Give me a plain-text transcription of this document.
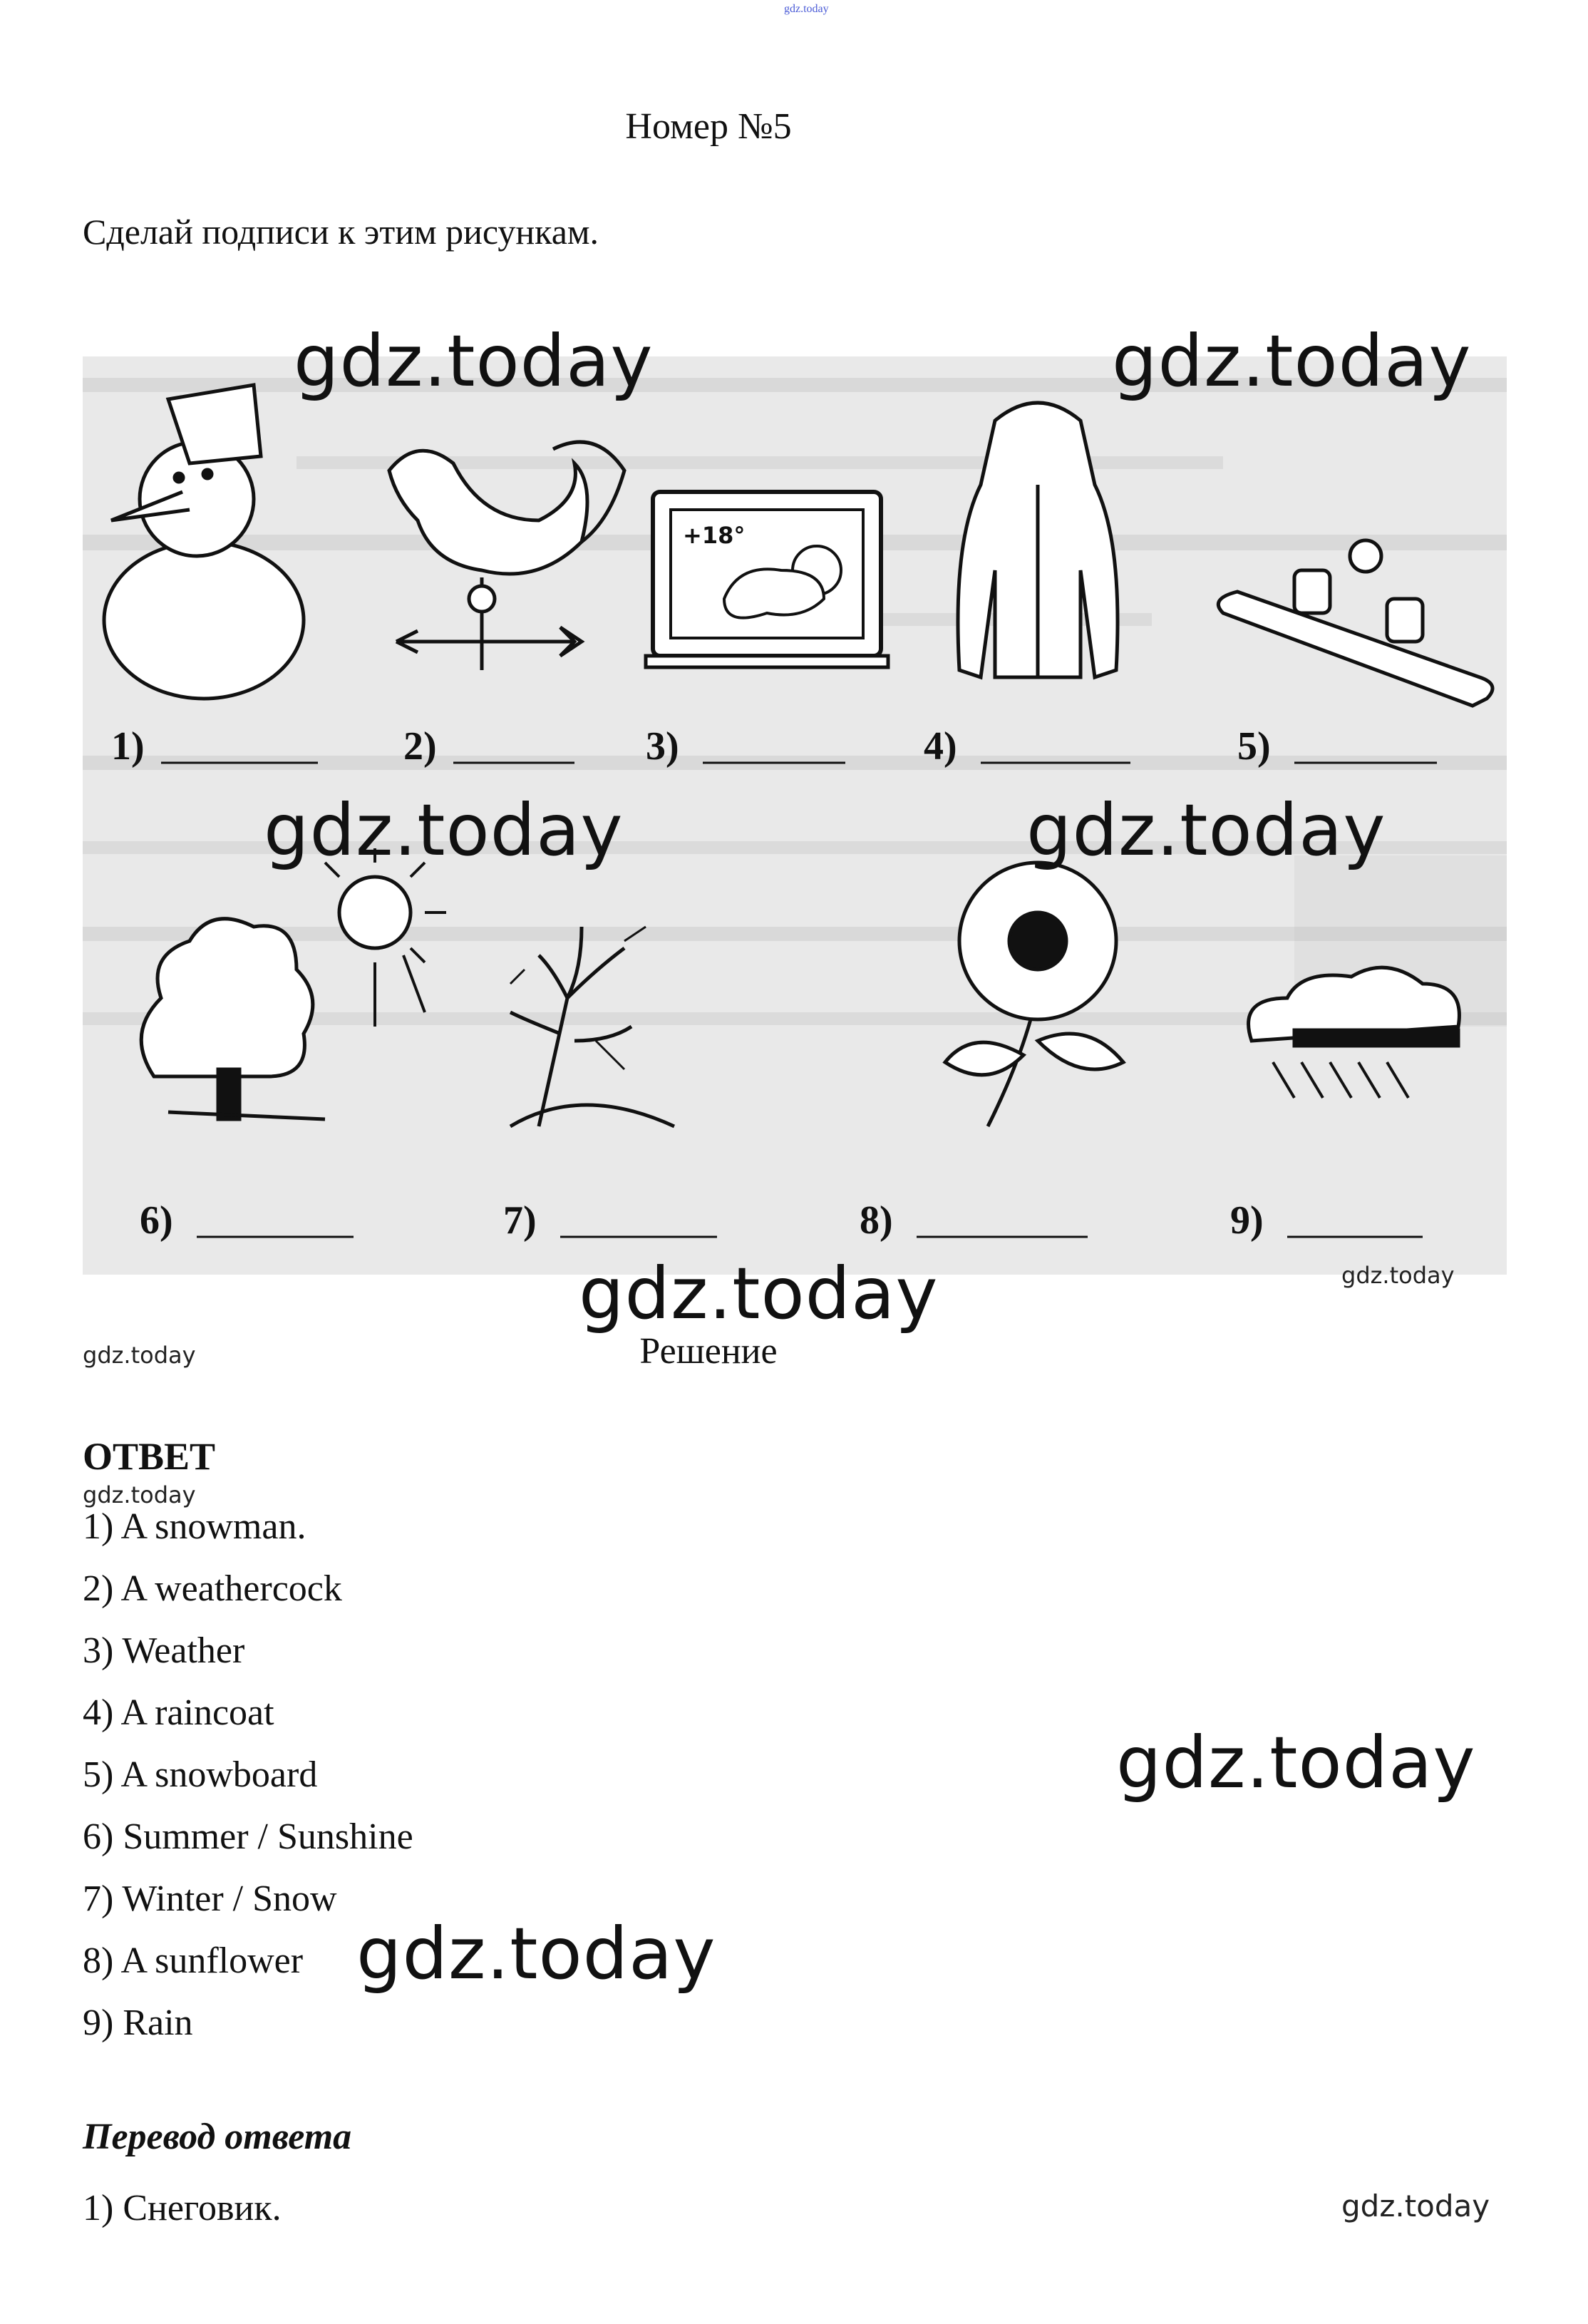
gdz.today
Номер №5
Сделай подписи к этим рисункам.
+18°
1)	2)	3)	4)	5)
6)	7)	8)	9)
gdz.today	gdz.today
gdz.today	gdz.today
gdz.today
gdz.today
gdz.today
gdz.today
gdz.today
gdz.today
gdz.today
Решение
ОТВЕТ
1) A snowman.
2) A weathercock
3) Weather
4) A raincoat
5) A snowboard
6) Summer / Sunshine
7) Winter / Snow
8) A sunflower
9) Rain
Перевод ответа
1) Снеговик.
